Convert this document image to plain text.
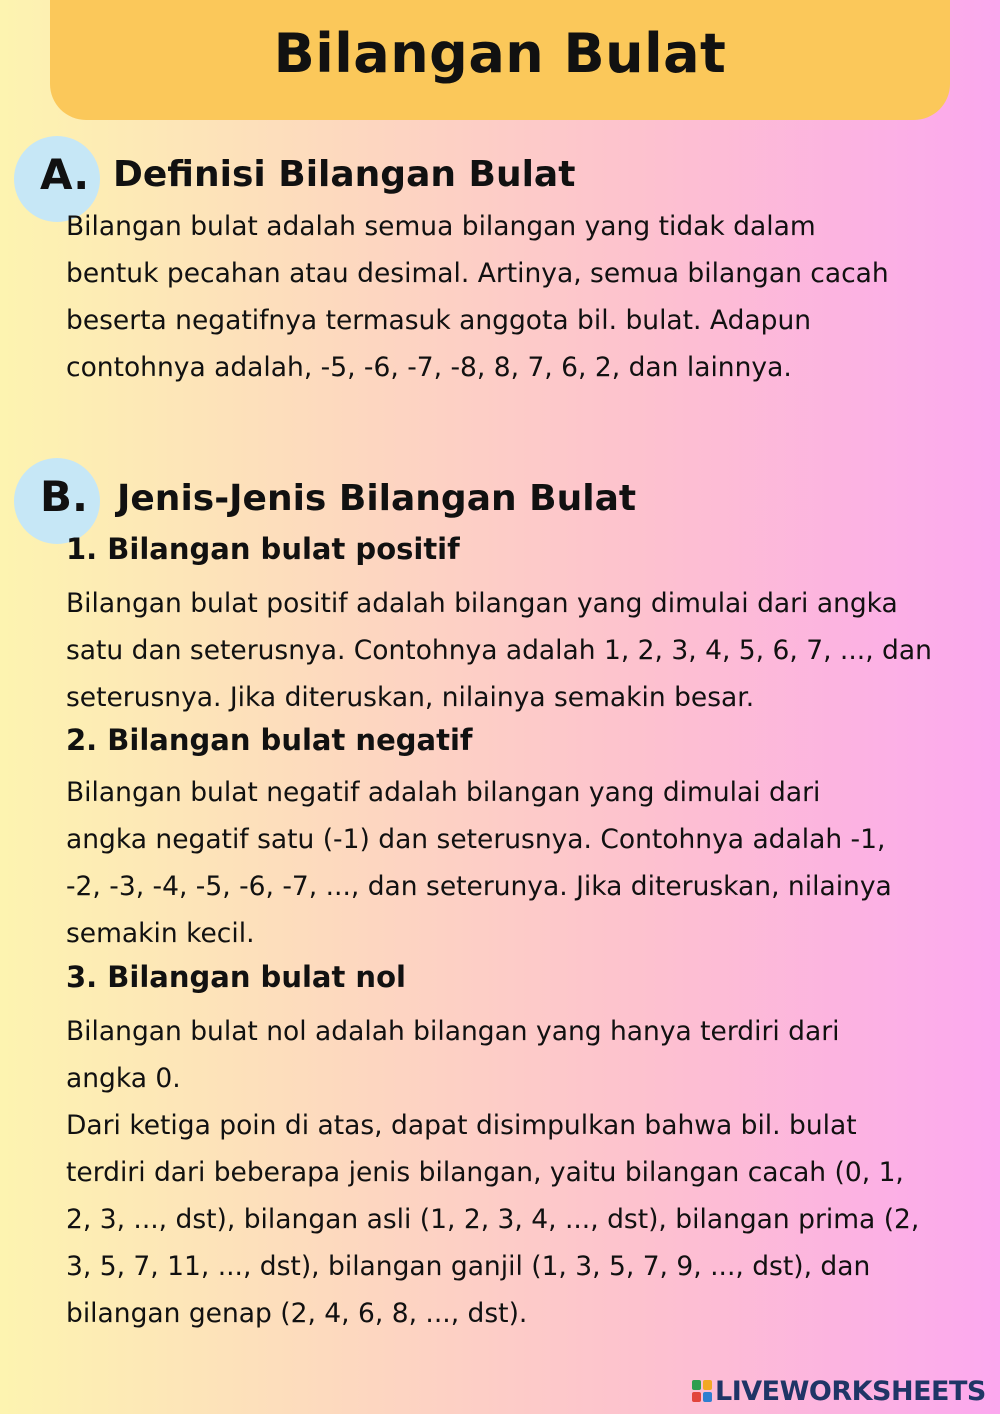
Bilangan Bulat
A. Definisi Bilangan Bulat
Bilangan bulat adalah semua bilangan yang tidak dalam
bentuk pecahan atau desimal. Artinya, semua bilangan cacah
beserta negatifnya termasuk anggota bil. bulat. Adapun
contohnya adalah, -5, -6, -7, -8, 8, 7, 6, 2, dan lainnya.
B. Jenis-Jenis Bilangan Bulat
1. Bilangan bulat positif
Bilangan bulat positif adalah bilangan yang dimulai dari angka
satu dan seterusnya. Contohnya adalah 1, 2, 3, 4, 5, 6, 7, ..., dan
seterusnya. Jika diteruskan, nilainya semakin besar.
2. Bilangan bulat negatif
Bilangan bulat negatif adalah bilangan yang dimulai dari
angka negatif satu (-1) dan seterusnya. Contohnya adalah -1,
-2, -3, -4, -5, -6, -7, ..., dan seterunya. Jika diteruskan, nilainya
semakin kecil.
3. Bilangan bulat nol
Bilangan bulat nol adalah bilangan yang hanya terdiri dari
angka 0.
Dari ketiga poin di atas, dapat disimpulkan bahwa bil. bulat
terdiri dari beberapa jenis bilangan, yaitu bilangan cacah (0, 1,
2, 3, ..., dst), bilangan asli (1, 2, 3, 4, ..., dst), bilangan prima (2,
3, 5, 7, 11, ..., dst), bilangan ganjil (1, 3, 5, 7, 9, ..., dst), dan
bilangan genap (2, 4, 6, 8, ..., dst).
LIVEWORKSHEETS
